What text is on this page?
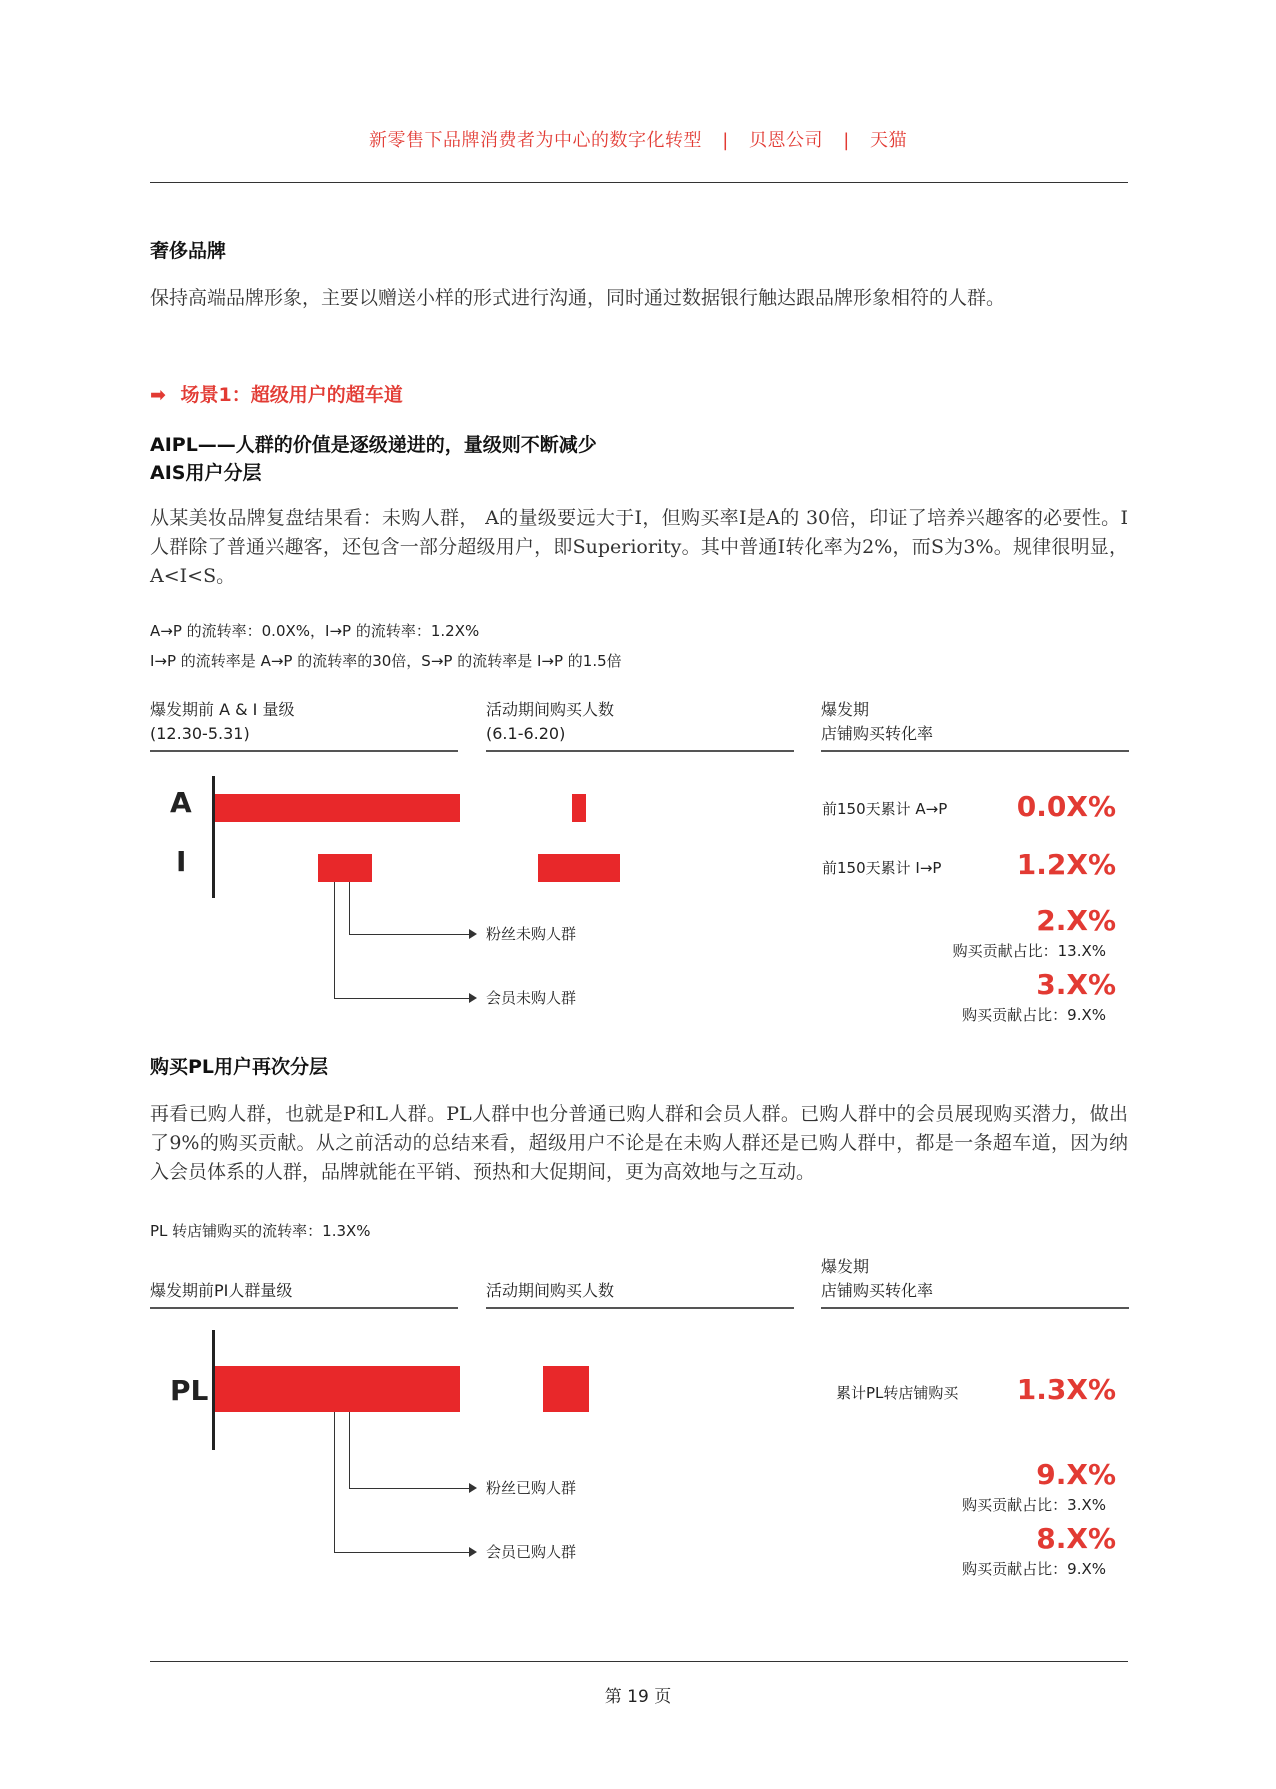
新零售下品牌消费者为中心的数字化转型 | 贝恩公司 | 天猫
奢侈品牌
保持高端品牌形象，主要以赠送小样的形式进行沟通，同时通过数据银行触达跟品牌形象相符的人群。
➡ 场景1：超级用户的超车道
AIPL——人群的价值是逐级递进的，量级则不断减少
AIS用户分层
从某美妆品牌复盘结果看：未购人群， A的量级要远大于I，但购买率I是A的 30倍，印证了培养兴趣客的必要性。I人群除了普通兴趣客，还包含一部分超级用户，即Superiority。其中普通I转化率为2%，而S为3%。规律很明显，A<I<S。
A→P 的流转率：0.0X%，I→P 的流转率：1.2X%
I→P 的流转率是 A→P 的流转率的30倍，S→P 的流转率是 I→P 的1.5倍
爆发期前 A & I 量级
(12.30-5.31)
活动期间购买人数
(6.1-6.20)
爆发期
店铺购买转化率
A
I
粉丝未购人群
会员未购人群
前150天累计 A→P	0.0X%
前150天累计 I→P	1.2X%
2.X%
购买贡献占比：13.X%
3.X%
购买贡献占比：9.X%
购买PL用户再次分层
再看已购人群，也就是P和L人群。PL人群中也分普通已购人群和会员人群。已购人群中的会员展现购买潜力，做出了9%的购买贡献。从之前活动的总结来看，超级用户不论是在未购人群还是已购人群中，都是一条超车道，因为纳入会员体系的人群，品牌就能在平销、预热和大促期间，更为高效地与之互动。
PL 转店铺购买的流转率：1.3X%
爆发期前PI人群量级	活动期间购买人数
爆发期
店铺购买转化率
PL
粉丝已购人群
会员已购人群
累计PL转店铺购买	1.3X%
9.X%
购买贡献占比：3.X%
8.X%
购买贡献占比：9.X%
第 19 页
